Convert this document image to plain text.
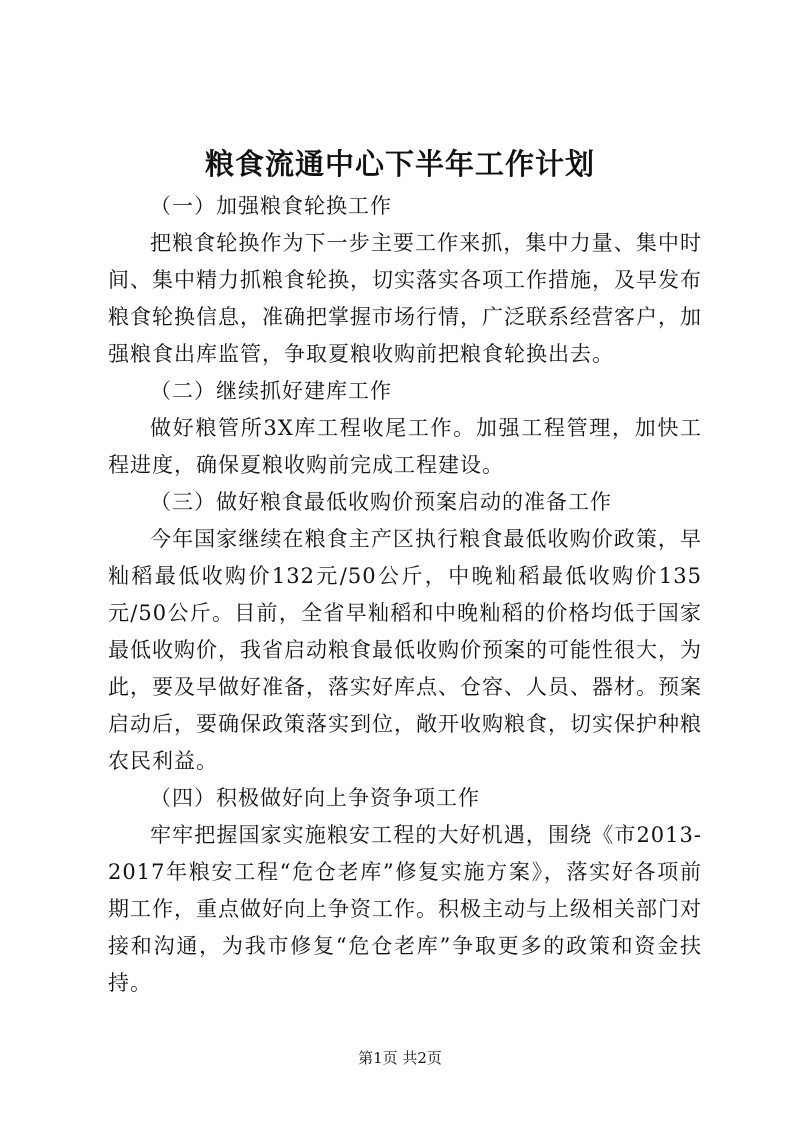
粮食流通中心下半年工作计划

（一）加强粮食轮换工作

把粮食轮换作为下一步主要工作来抓，集中力量、集中时间、集中精力抓粮食轮换，切实落实各项工作措施，及早发布粮食轮换信息，准确把掌握市场行情，广泛联系经营客户，加强粮食出库监管，争取夏粮收购前把粮食轮换出去。

（二）继续抓好建库工作

做好粮管所3X库工程收尾工作。加强工程管理，加快工程进度，确保夏粮收购前完成工程建设。

（三）做好粮食最低收购价预案启动的准备工作

今年国家继续在粮食主产区执行粮食最低收购价政策，早籼稻最低收购价132元/50公斤，中晚籼稻最低收购价135元/50公斤。目前，全省早籼稻和中晚籼稻的价格均低于国家最低收购价，我省启动粮食最低收购价预案的可能性很大，为此，要及早做好准备，落实好库点、仓容、人员、器材。预案启动后，要确保政策落实到位，敞开收购粮食，切实保护种粮农民利益。

（四）积极做好向上争资争项工作

牢牢把握国家实施粮安工程的大好机遇，围绕《市2013-2017年粮安工程“危仓老库”修复实施方案》，落实好各项前期工作，重点做好向上争资工作。积极主动与上级相关部门对接和沟通，为我市修复“危仓老库”争取更多的政策和资金扶持。

第1页 共2页
